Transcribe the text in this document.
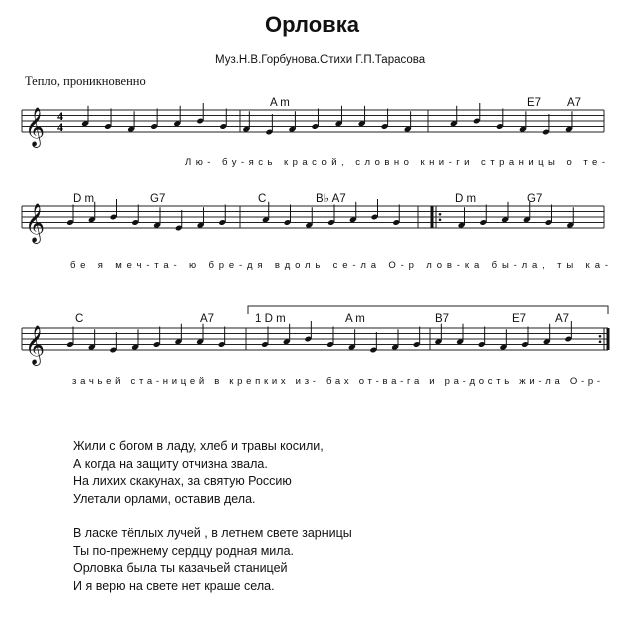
Орловка
Муз.Н.В.Горбунова.Стихи Г.П.Тарасова
Тепло, проникновенно
𝄞 4
4
A m	E7 A7
Лю- бу-ясь красой, словно кни-ги страницы о те-
𝄞
D m	G7	C	B♭ A7	D m	G7
бе я меч-та- ю бре-дя вдоль се-ла О-р лов-ка бы-ла, ты ка-
𝄞
C	A7	1 D m	A m	B7	E7	A7
зачьей ста-ницей в крепких из- бах от-ва-га и ра-дость жи-ла О-р-
Жили с богом в ладу, хлеб и травы косили,
А когда на защиту отчизна звала.
На лихих скакунах, за святую Россию
Улетали орлами, оставив дела.
В ласке тёплых лучей , в летнем свете зарницы
Ты по-прежнему сердцу родная мила.
Орловка была ты казачьей станицей
И я верю на свете нет краше села.
